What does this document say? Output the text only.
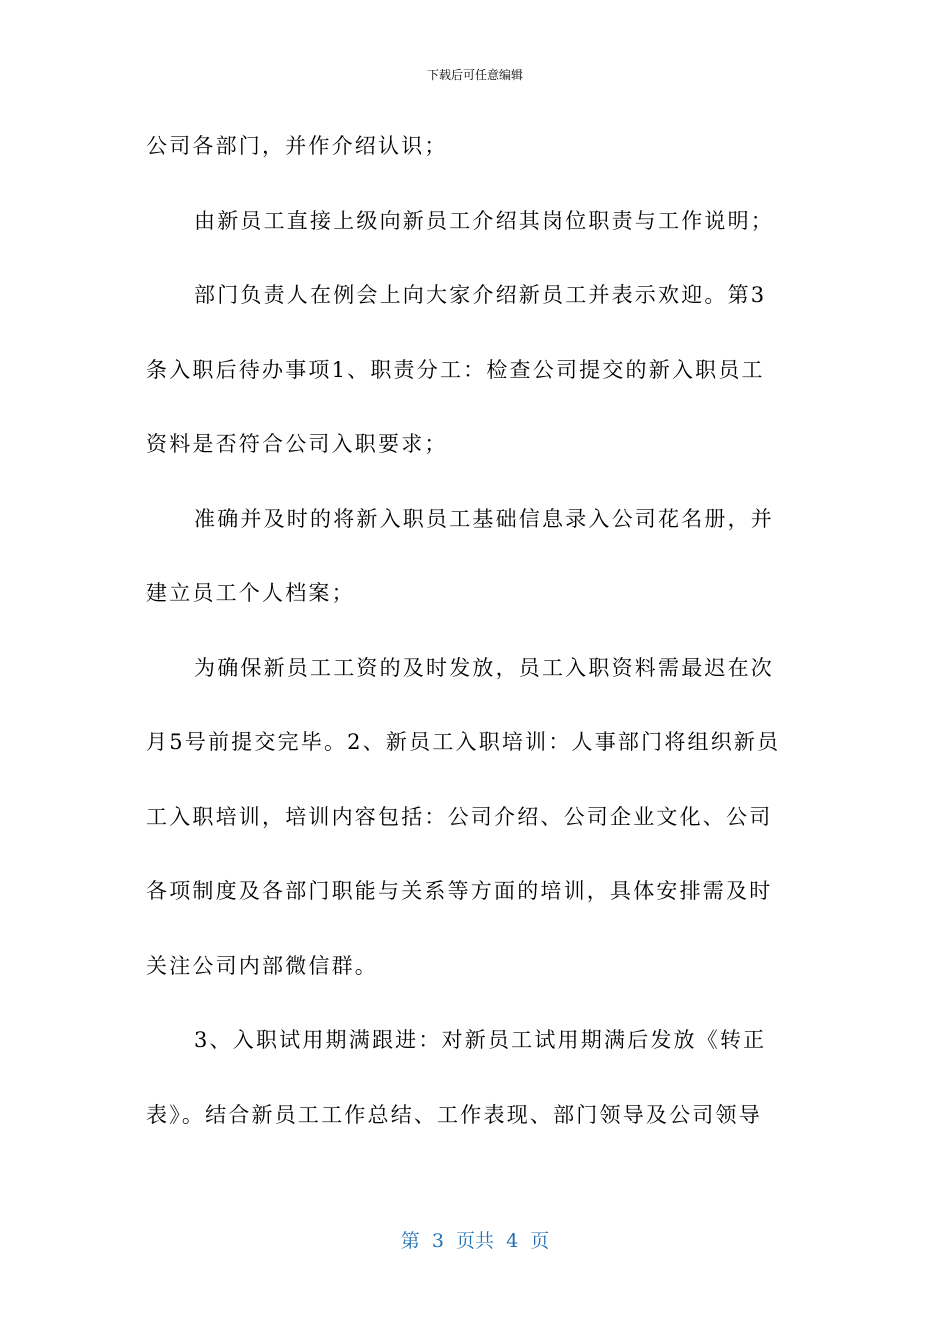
下载后可任意编辑
公司各部门，并作介绍认识；
由新员工直接上级向新员工介绍其岗位职责与工作说明；
部门负责人在例会上向大家介绍新员工并表示欢迎。第3
条入职后待办事项1、职责分工：检查公司提交的新入职员工
资料是否符合公司入职要求；
准确并及时的将新入职员工基础信息录入公司花名册，并
建立员工个人档案；
为确保新员工工资的及时发放，员工入职资料需最迟在次
月5号前提交完毕。2、新员工入职培训：人事部门将组织新员
工入职培训，培训内容包括：公司介绍、公司企业文化、公司
各项制度及各部门职能与关系等方面的培训，具体安排需及时
关注公司内部微信群。
3、入职试用期满跟进：对新员工试用期满后发放《转正
表》。结合新员工工作总结、工作表现、部门领导及公司领导
第  3  页共  4  页
